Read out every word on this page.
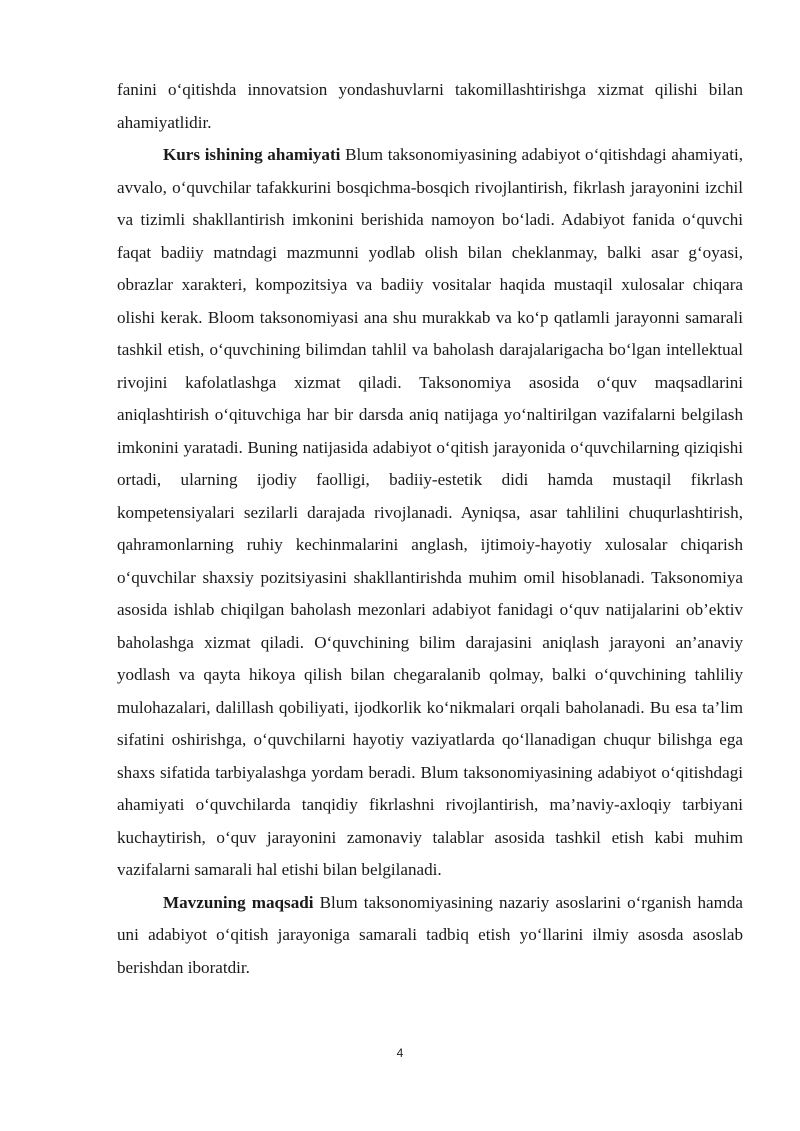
fanini o‘qitishda innovatsion yondashuvlarni takomillashtirishga xizmat qilishi bilan ahamiyatlidir.

Kurs ishining ahamiyati Blum taksonomiyasining adabiyot o‘qitishdagi ahamiyati, avvalo, o‘quvchilar tafakkurini bosqichma-bosqich rivojlantirish, fikrlash jarayonini izchil va tizimli shakllantirish imkonini berishida namoyon bo‘ladi. Adabiyot fanida o‘quvchi faqat badiiy matndagi mazmunni yodlab olish bilan cheklanmay, balki asar g‘oyasi, obrazlar xarakteri, kompozitsiya va badiiy vositalar haqida mustaqil xulosalar chiqara olishi kerak. Bloom taksonomiyasi ana shu murakkab va ko‘p qatlamli jarayonni samarali tashkil etish, o‘quvchining bilimdan tahlil va baholash darajalarigacha bo‘lgan intellektual rivojini kafolatlashga xizmat qiladi. Taksonomiya asosida o‘quv maqsadlarini aniqlashtirish o‘qituvchiga har bir darsda aniq natijaga yo‘naltirilgan vazifalarni belgilash imkonini yaratadi. Buning natijasida adabiyot o‘qitish jarayonida o‘quvchilarning qiziqishi ortadi, ularning ijodiy faolligi, badiiy-estetik didi hamda mustaqil fikrlash kompetensiyalari sezilarli darajada rivojlanadi. Ayniqsa, asar tahlilini chuqurlashtirish, qahramonlarning ruhiy kechinmalarini anglash, ijtimoiy-hayotiy xulosalar chiqarish o‘quvchilar shaxsiy pozitsiyasini shakllantirishda muhim omil hisoblanadi. Taksonomiya asosida ishlab chiqilgan baholash mezonlari adabiyot fanidagi o‘quv natijalarini ob’ektiv baholashga xizmat qiladi. O‘quvchining bilim darajasini aniqlash jarayoni an’anaviy yodlash va qayta hikoya qilish bilan chegaralanib qolmay, balki o‘quvchining tahliliy mulohazalari, dalillash qobiliyati, ijodkorlik ko‘nikmalari orqali baholanadi. Bu esa ta’lim sifatini oshirishga, o‘quvchilarni hayotiy vaziyatlarda qo‘llanadigan chuqur bilishga ega shaxs sifatida tarbiyalashga yordam beradi. Blum taksonomiyasining adabiyot o‘qitishdagi ahamiyati o‘quvchilarda tanqidiy fikrlashni rivojlantirish, ma’naviy-axloqiy tarbiyani kuchaytirish, o‘quv jarayonini zamonaviy talablar asosida tashkil etish kabi muhim vazifalarni samarali hal etishi bilan belgilanadi.

Mavzuning maqsadi Blum taksonomiyasining nazariy asoslarini o‘rganish hamda uni adabiyot o‘qitish jarayoniga samarali tadbiq etish yo‘llarini ilmiy asosda asoslab berishdan iboratdir.

4
